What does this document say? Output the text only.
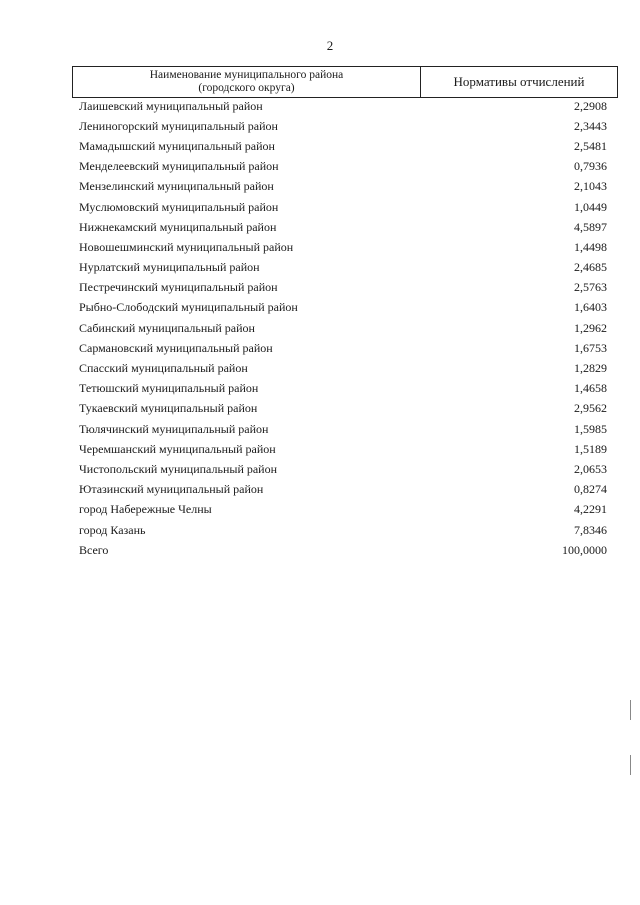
2
Наименование муниципального района
(городского округа)	Нормативы отчислений
Лаишевский муниципальный район	2,2908
Лениногорский муниципальный район	2,3443
Мамадышский муниципальный район	2,5481
Менделеевский муниципальный район	0,7936
Мензелинский муниципальный район	2,1043
Муслюмовский муниципальный район	1,0449
Нижнекамский муниципальный район	4,5897
Новошешминский муниципальный район	1,4498
Нурлатский муниципальный район	2,4685
Пестречинский муниципальный район	2,5763
Рыбно-Слободский муниципальный район	1,6403
Сабинский муниципальный район	1,2962
Сармановский муниципальный район	1,6753
Спасский муниципальный район	1,2829
Тетюшский муниципальный район	1,4658
Тукаевский муниципальный район	2,9562
Тюлячинский муниципальный район	1,5985
Черемшанский муниципальный район	1,5189
Чистопольский муниципальный район	2,0653
Ютазинский муниципальный район	0,8274
город Набережные Челны	4,2291
город Казань	7,8346
Всего	100,0000
